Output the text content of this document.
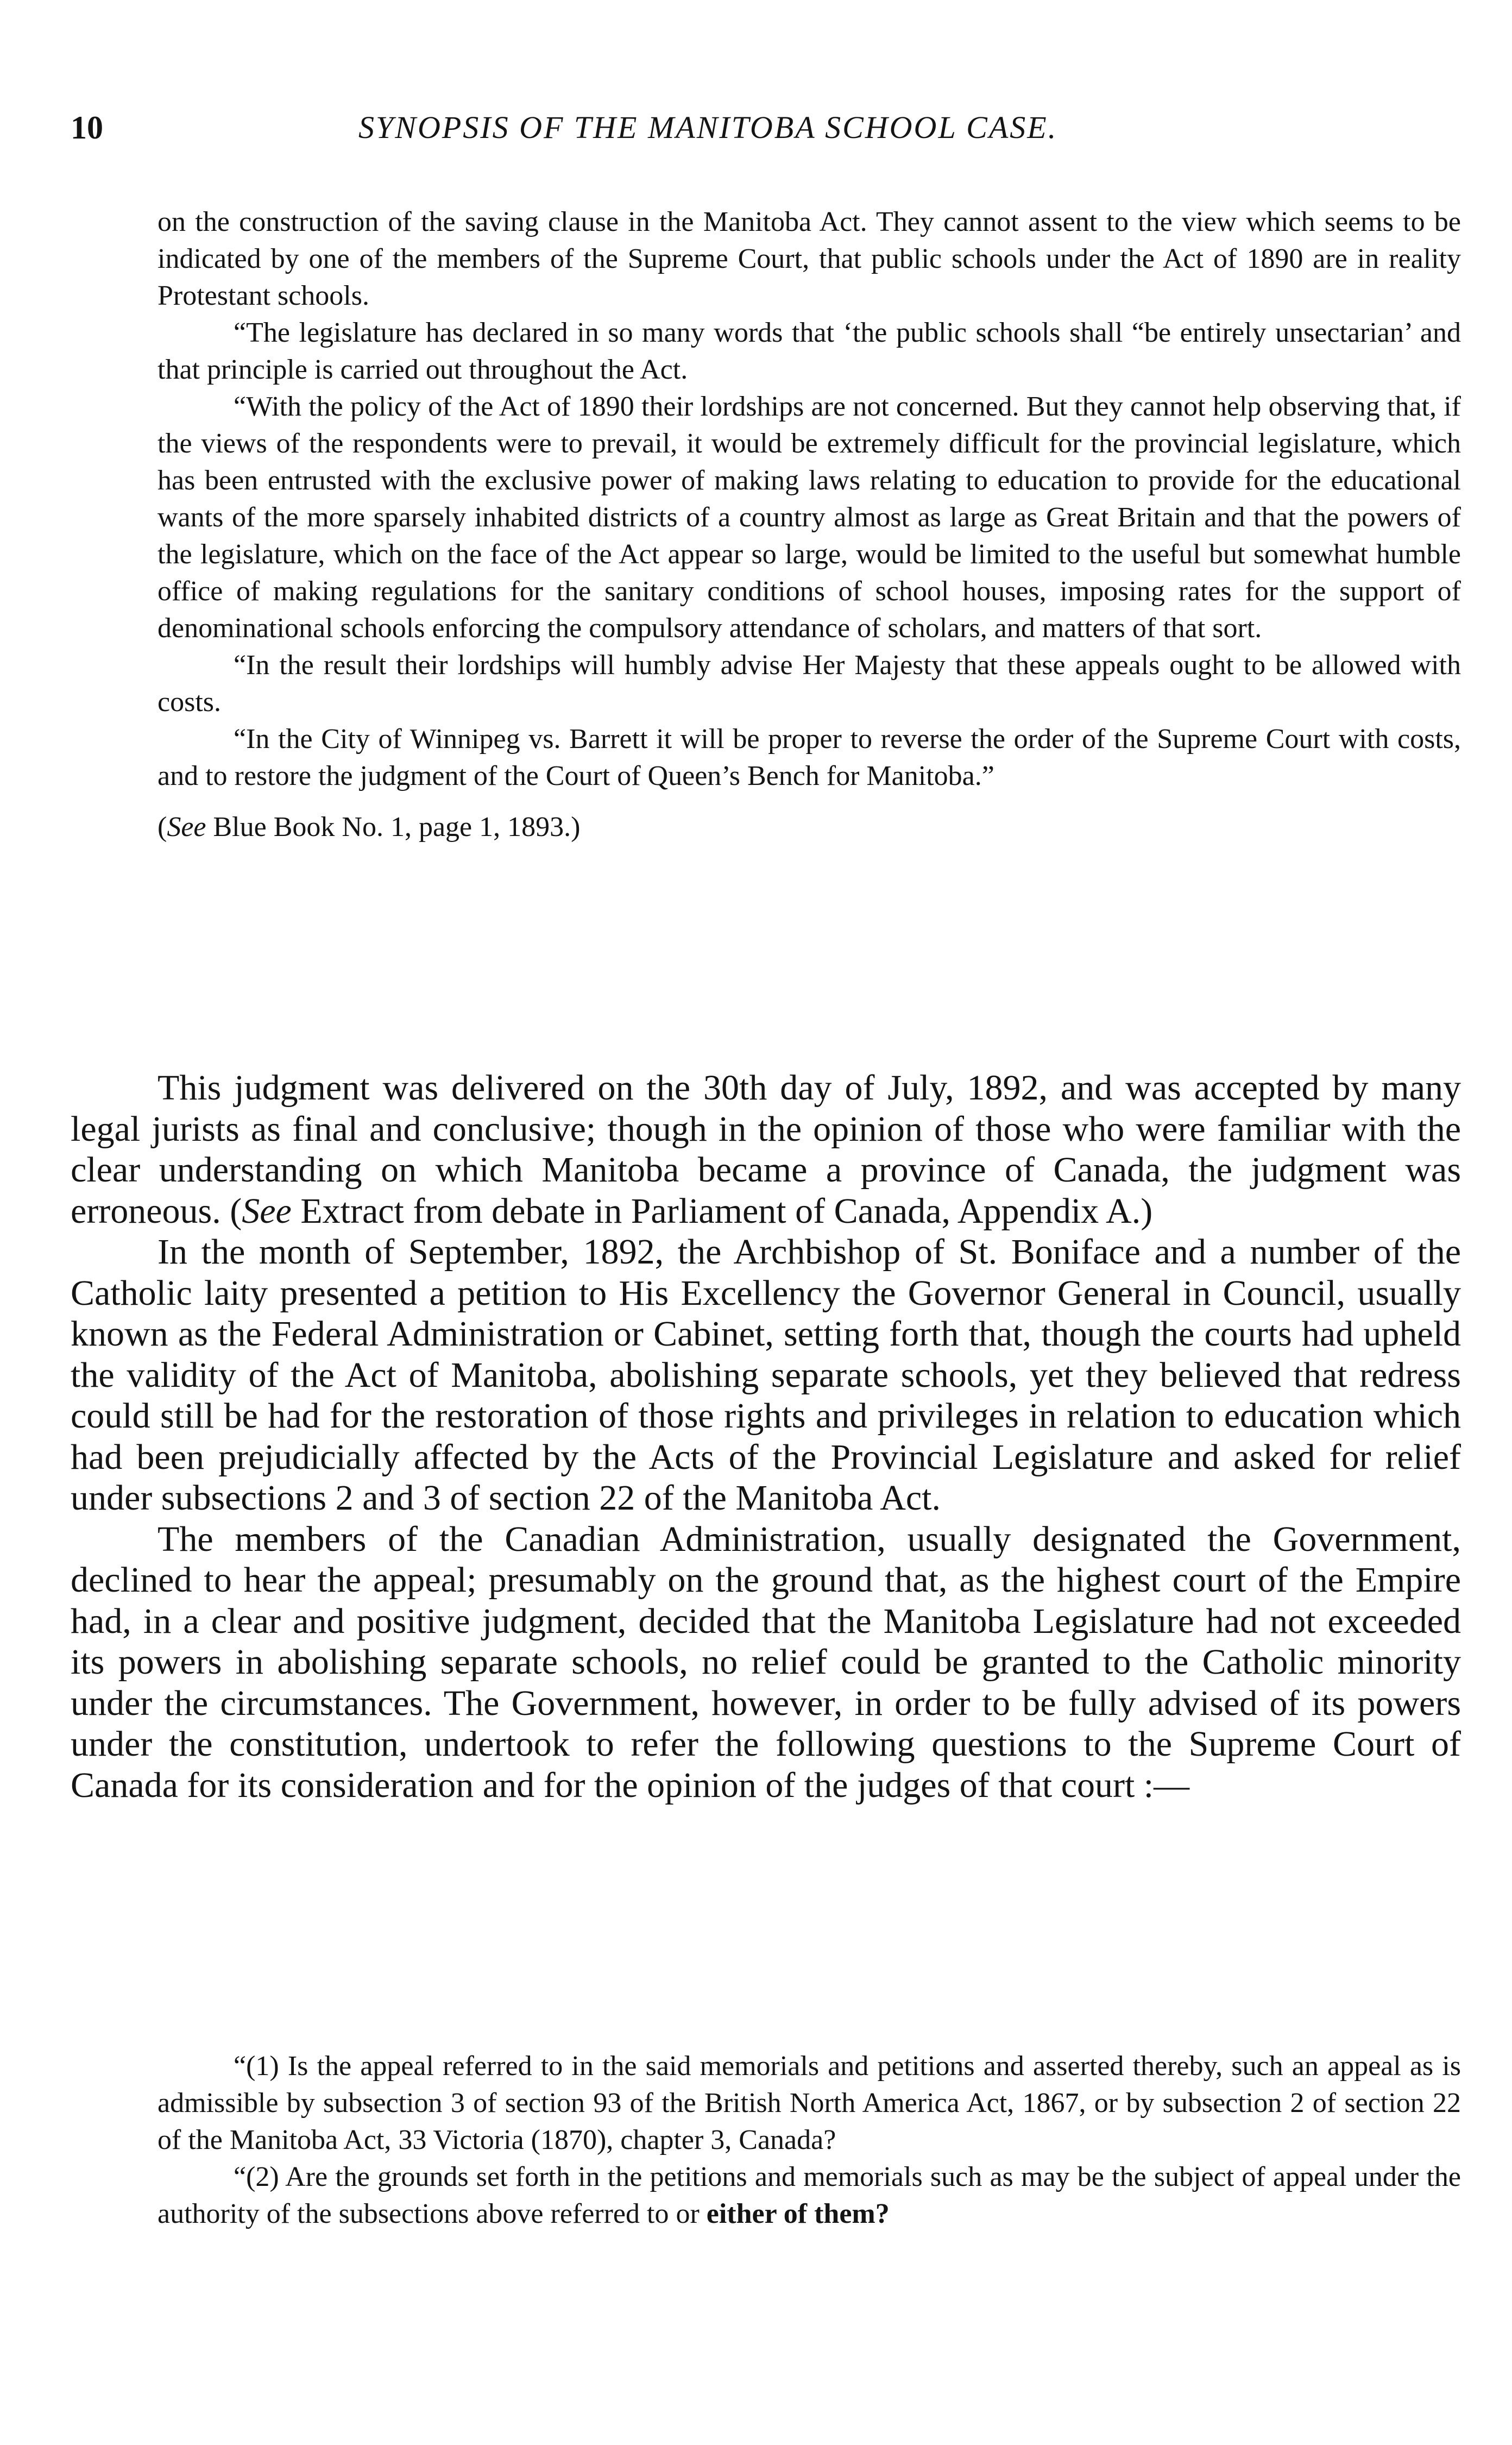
10	SYNOPSIS OF THE MANITOBA SCHOOL CASE.

on the construction of the saving clause in the Manitoba Act. They cannot assent to the view which seems to be indicated by one of the members of the Supreme Court, that public schools under the Act of 1890 are in reality Protestant schools.

“The legislature has declared in so many words that ‘the public schools shall “be entirely unsectarian’ and that principle is carried out throughout the Act.

“With the policy of the Act of 1890 their lordships are not concerned. But they cannot help observing that, if the views of the respondents were to prevail, it would be extremely difficult for the provincial legislature, which has been entrusted with the exclusive power of making laws relating to education to provide for the educational wants of the more sparsely inhabited districts of a country almost as large as Great Britain and that the powers of the legislature, which on the face of the Act appear so large, would be limited to the useful but somewhat humble office of making regulations for the sanitary conditions of school houses, imposing rates for the support of denominational schools enforcing the compulsory attendance of scholars, and matters of that sort.

“In the result their lordships will humbly advise Her Majesty that these appeals ought to be allowed with costs.

“In the City of Winnipeg vs. Barrett it will be proper to reverse the order of the Supreme Court with costs, and to restore the judgment of the Court of Queen’s Bench for Manitoba.”

(See Blue Book No. 1, page 1, 1893.)

This judgment was delivered on the 30th day of July, 1892, and was accepted by many legal jurists as final and conclusive; though in the opinion of those who were familiar with the clear understanding on which Manitoba became a province of Canada, the judgment was erroneous. (See Extract from debate in Parliament of Canada, Appendix A.)

In the month of September, 1892, the Archbishop of St. Boniface and a number of the Catholic laity presented a petition to His Excellency the Governor General in Council, usually known as the Federal Administration or Cabinet, setting forth that, though the courts had upheld the validity of the Act of Manitoba, abolishing separate schools, yet they believed that redress could still be had for the restoration of those rights and privileges in relation to education which had been prejudicially affected by the Acts of the Provincial Legislature and asked for relief under subsections 2 and 3 of section 22 of the Manitoba Act.

The members of the Canadian Administration, usually designated the Government, declined to hear the appeal; presumably on the ground that, as the highest court of the Empire had, in a clear and positive judgment, decided that the Manitoba Legislature had not exceeded its powers in abolishing separate schools, no relief could be granted to the Catholic minority under the circumstances. The Government, however, in order to be fully advised of its powers under the constitution, undertook to refer the following questions to the Supreme Court of Canada for its consideration and for the opinion of the judges of that court :—

“(1) Is the appeal referred to in the said memorials and petitions and asserted thereby, such an appeal as is admissible by subsection 3 of section 93 of the British North America Act, 1867, or by subsection 2 of section 22 of the Manitoba Act, 33 Victoria (1870), chapter 3, Canada?

“(2) Are the grounds set forth in the petitions and memorials such as may be the subject of appeal under the authority of the subsections above referred to or either of them?
